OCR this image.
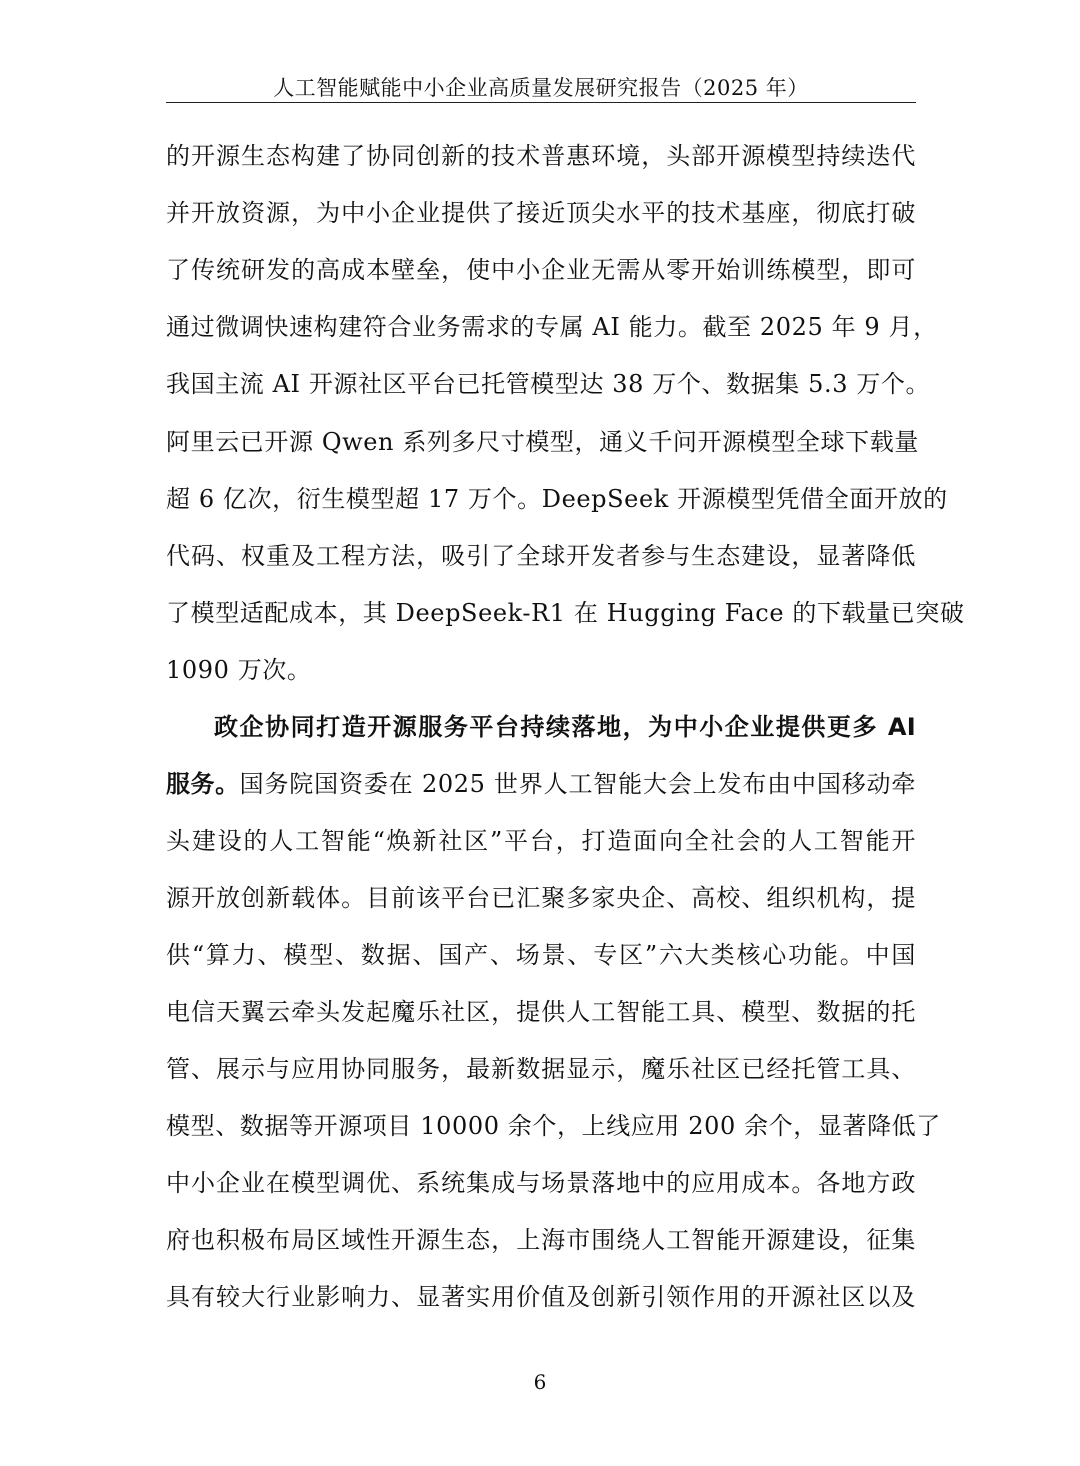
人工智能赋能中小企业高质量发展研究报告（2025 年）
的开源生态构建了协同创新的技术普惠环境，头部开源模型持续迭代
并开放资源，为中小企业提供了接近顶尖水平的技术基座，彻底打破
了传统研发的高成本壁垒，使中小企业无需从零开始训练模型，即可
通过微调快速构建符合业务需求的专属 AI 能力。截至 2025 年 9 月，
我国主流 AI 开源社区平台已托管模型达 38 万个、数据集 5.3 万个。
阿里云已开源 Qwen 系列多尺寸模型，通义千问开源模型全球下载量
超 6 亿次，衍生模型超 17 万个。DeepSeek 开源模型凭借全面开放的
代码、权重及工程方法，吸引了全球开发者参与生态建设，显著降低
了模型适配成本，其 DeepSeek-R1 在 Hugging Face 的下载量已突破
1090 万次。
政企协同打造开源服务平台持续落地，为中小企业提供更多 AI
服务。国务院国资委在 2025 世界人工智能大会上发布由中国移动牵
头建设的人工智能“焕新社区”平台，打造面向全社会的人工智能开
源开放创新载体。目前该平台已汇聚多家央企、高校、组织机构，提
供“算力、模型、数据、国产、场景、专区”六大类核心功能。中国
电信天翼云牵头发起魔乐社区，提供人工智能工具、模型、数据的托
管、展示与应用协同服务，最新数据显示，魔乐社区已经托管工具、
模型、数据等开源项目 10000 余个，上线应用 200 余个，显著降低了
中小企业在模型调优、系统集成与场景落地中的应用成本。各地方政
府也积极布局区域性开源生态，上海市围绕人工智能开源建设，征集
具有较大行业影响力、显著实用价值及创新引领作用的开源社区以及
6
